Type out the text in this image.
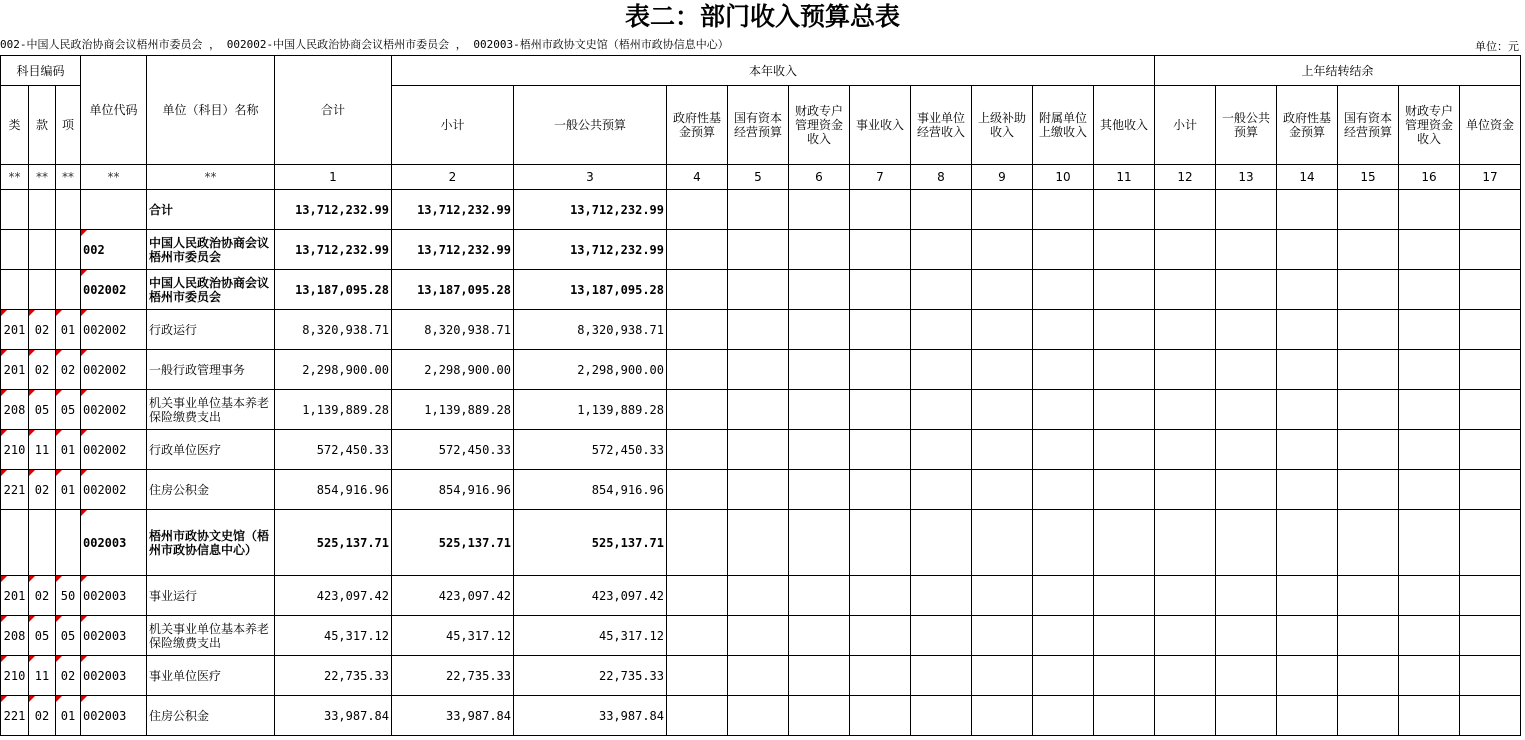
表二：部门收入预算总表
002-中国人民政治协商会议梧州市委员会 ， 002002-中国人民政治协商会议梧州市委员会 ， 002003-梧州市政协文史馆（梧州市政协信息中心）	单位：元
科目编码			单位代码	单位（科目）名称	合计	本年收入										上年结转结余					
类	款	项				小计	一般公共预算	政府性基金预算	国有资本经营预算	财政专户管理资金收入	事业收入	事业单位经营收入	上级补助收入	附属单位上缴收入	其他收入	小计	一般公共预算	政府性基金预算	国有资本经营预算	财政专户管理资金收入	单位资金
**	**	**	**	**	1	2	3	4	5	6	7	8	9	10	11	12	13	14	15	16	17
				合计	13,712,232.99	13,712,232.99	13,712,232.99														
			002	中国人民政治协商会议梧州市委员会	13,712,232.99	13,712,232.99	13,712,232.99														
			002002	中国人民政治协商会议梧州市委员会	13,187,095.28	13,187,095.28	13,187,095.28														
201	02	01	002002	行政运行	8,320,938.71	8,320,938.71	8,320,938.71														
201	02	02	002002	一般行政管理事务	2,298,900.00	2,298,900.00	2,298,900.00														
208	05	05	002002	机关事业单位基本养老保险缴费支出	1,139,889.28	1,139,889.28	1,139,889.28														
210	11	01	002002	行政单位医疗	572,450.33	572,450.33	572,450.33														
221	02	01	002002	住房公积金	854,916.96	854,916.96	854,916.96														
			002003	梧州市政协文史馆（梧州市政协信息中心）	525,137.71	525,137.71	525,137.71														
201	02	50	002003	事业运行	423,097.42	423,097.42	423,097.42														
208	05	05	002003	机关事业单位基本养老保险缴费支出	45,317.12	45,317.12	45,317.12														
210	11	02	002003	事业单位医疗	22,735.33	22,735.33	22,735.33														
221	02	01	002003	住房公积金	33,987.84	33,987.84	33,987.84														
